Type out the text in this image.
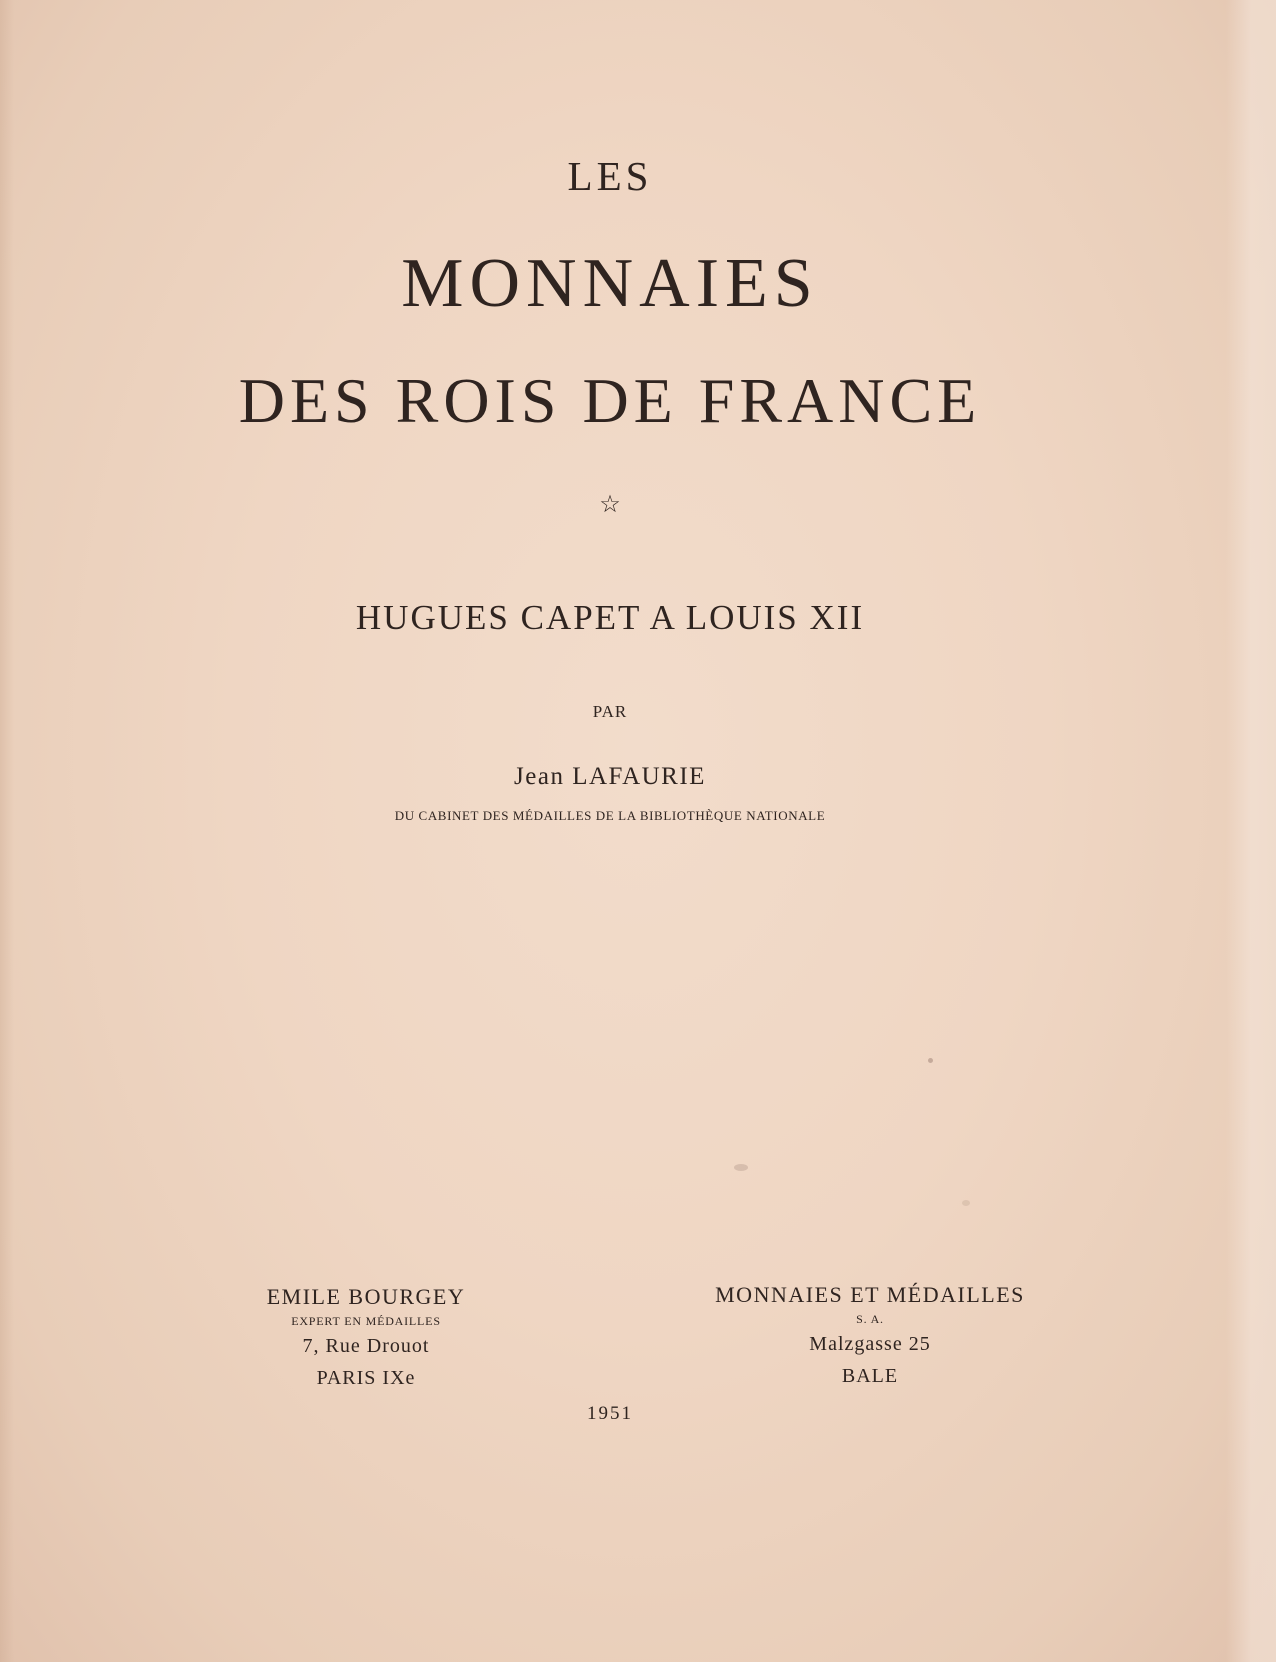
LES
MONNAIES
DES ROIS DE FRANCE
☆
HUGUES CAPET A LOUIS XII
PAR
Jean LAFAURIE
DU CABINET DES MÉDAILLES DE LA BIBLIOTHÈQUE NATIONALE
EMILE BOURGEY
EXPERT EN MÉDAILLES
7, Rue Drouot
PARIS IXe
MONNAIES ET MÉDAILLES
S. A.
Malzgasse 25
BALE
1951
